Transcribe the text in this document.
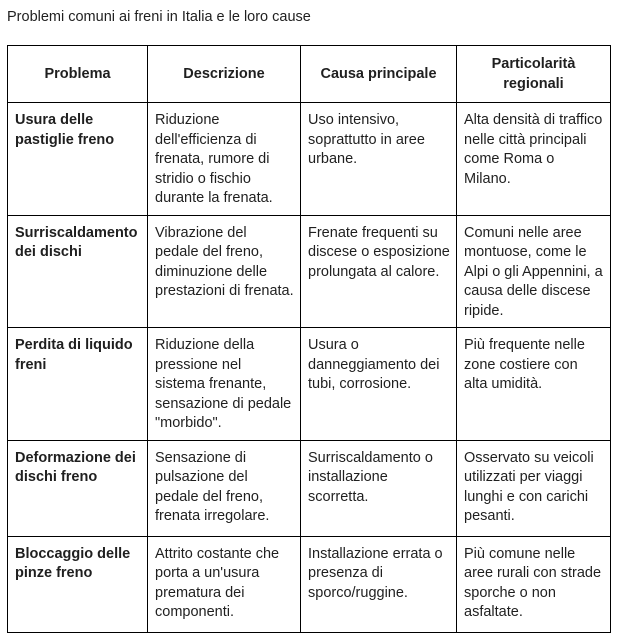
Problemi comuni ai freni in Italia e le loro cause
Problema	Descrizione	Causa principale	Particolarità regionali
Usura delle pastiglie freno	Riduzione dell'efficienza di frenata, rumore di stridio o fischio durante la frenata.	Uso intensivo, soprattutto in aree urbane.	Alta densità di traffico nelle città principali come Roma o Milano.
Surriscaldamento dei dischi	Vibrazione del pedale del freno, diminuzione delle prestazioni di frenata.	Frenate frequenti su discese o esposizione prolungata al calore.	Comuni nelle aree montuose, come le Alpi o gli Appennini, a causa delle discese ripide.
Perdita di liquido freni	Riduzione della pressione nel sistema frenante, sensazione di pedale "morbido".	Usura o danneggiamento dei tubi, corrosione.	Più frequente nelle zone costiere con alta umidità.
Deformazione dei dischi freno	Sensazione di pulsazione del pedale del freno, frenata irregolare.	Surriscaldamento o installazione scorretta.	Osservato su veicoli utilizzati per viaggi lunghi e con carichi pesanti.
Bloccaggio delle pinze freno	Attrito costante che porta a un'usura prematura dei componenti.	Installazione errata o presenza di sporco/ruggine.	Più comune nelle aree rurali con strade sporche o non asfaltate.
